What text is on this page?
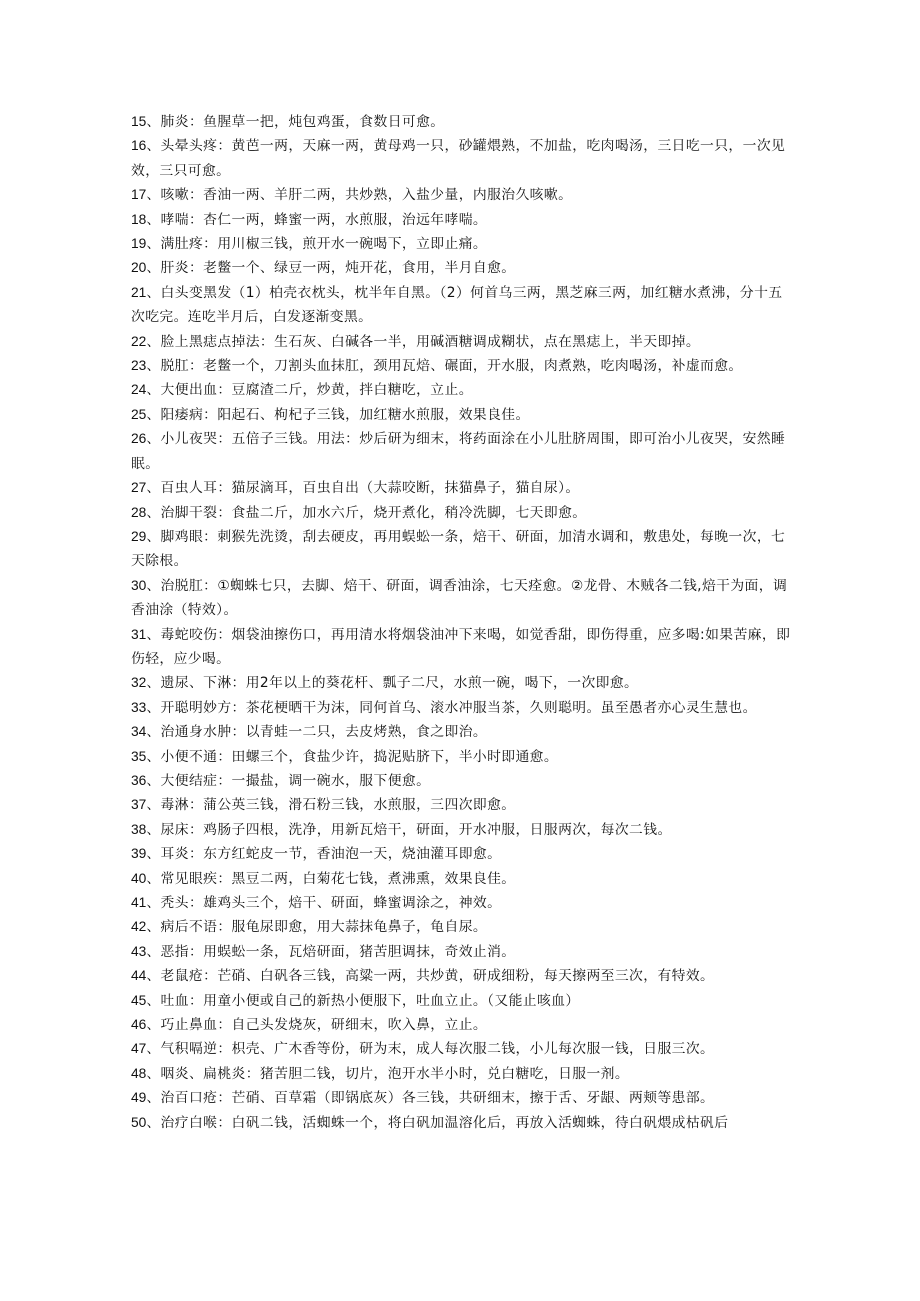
15、肺炎：鱼腥草一把，炖包鸡蛋，食数日可愈。

16、头晕头疼：黄芭一两，天麻一两，黄母鸡一只，砂罐煨熟，不加盐，吃肉喝汤，三日吃一只，一次见效，三只可愈。

17、咳嗽：香油一两、羊肝二两，共炒熟，入盐少量，内服治久咳嗽。

18、哮喘：杏仁一两，蜂蜜一两，水煎服，治远年哮喘。

19、满肚疼：用川椒三钱，煎开水一碗喝下，立即止痛。

20、肝炎：老鳖一个、绿豆一两，炖开花，食用，半月自愈。

21、白头变黑发（1）柏壳衣枕头，枕半年自黑。（2）何首乌三两，黑芝麻三两，加红糖水煮沸，分十五次吃完。连吃半月后，白发逐渐变黑。

22、脸上黑痣点掉法：生石灰、白碱各一半，用碱酒糖调成糊状，点在黑痣上，半天即掉。

23、脱肛：老鳖一个，刀割头血抹肛，颈用瓦焙、碾面，开水服，肉煮熟，吃肉喝汤，补虚而愈。

24、大便出血：豆腐渣二斤，炒黄，拌白糖吃，立止。

25、阳痿病：阳起石、枸杞子三钱，加红糖水煎服，效果良佳。

26、小儿夜哭：五倍子三钱。用法：炒后研为细末，将药面涂在小儿肚脐周围，即可治小儿夜哭，安然睡眠。

27、百虫人耳：猫尿滴耳，百虫自出（大蒜咬断，抹猫鼻子，猫自尿）。

28、治脚干裂：食盐二斤，加水六斤，烧开煮化，稍冷洗脚，七天即愈。

29、脚鸡眼：刺猴先洗烫，刮去硬皮，再用蜈蚣一条，焙干、研面，加清水调和，敷患处，每晚一次，七天除根。

30、治脱肛：①蜘蛛七只，去脚、焙干、研面，调香油涂，七天痊愈。②龙骨、木贼各二钱,焙干为面，调香油涂（特效）。

31、毒蛇咬伤：烟袋油擦伤口，再用清水将烟袋油冲下来喝，如觉香甜，即伤得重，应多喝:如果苦麻，即伤轻，应少喝。

32、遗尿、下淋：用2年以上的葵花杆、瓢子二尺，水煎一碗，喝下，一次即愈。

33、开聪明妙方：茶花梗晒干为沫，同何首乌、滚水冲服当茶，久则聪明。虽至愚者亦心灵生慧也。

34、治通身水肿：以青蛙一二只，去皮烤熟，食之即治。

35、小便不通：田螺三个，食盐少许，捣泥贴脐下，半小时即通愈。

36、大便结症：一撮盐，调一碗水，服下便愈。

37、毒淋：蒲公英三钱，滑石粉三钱，水煎服，三四次即愈。

38、尿床：鸡肠子四根，洗净，用新瓦焙干，研面，开水冲服，日服两次，每次二钱。

39、耳炎：东方红蛇皮一节，香油泡一天，烧油灌耳即愈。

40、常见眼疾：黑豆二两，白菊花七钱，煮沸熏，效果良佳。

41、秃头：雄鸡头三个，焙干、研面，蜂蜜调涂之，神效。

42、病后不语：服龟尿即愈，用大蒜抹龟鼻子，龟自尿。

43、恶指：用蜈蚣一条，瓦焙研面，猪苦胆调抹，奇效止消。

44、老鼠疮：芒硝、白矾各三钱，高粱一两，共炒黄，研成细粉，每天擦两至三次，有特效。

45、吐血：用童小便或自己的新热小便服下，吐血立止。（又能止咳血）

46、巧止鼻血：自己头发烧灰，研细末，吹入鼻，立止。

47、气积嗝逆：枳壳、广木香等份，研为末，成人每次服二钱，小儿每次服一钱，日服三次。

48、咽炎、扁桃炎：猪苦胆二钱，切片，泡开水半小时，兑白糖吃，日服一剂。

49、治百口疮：芒硝、百草霜（即锅底灰）各三钱，共研细末，擦于舌、牙龈、两颊等患部。

50、治疗白喉：白矾二钱，活蜘蛛一个，将白矾加温溶化后，再放入活蜘蛛，待白矾煨成枯矾后
